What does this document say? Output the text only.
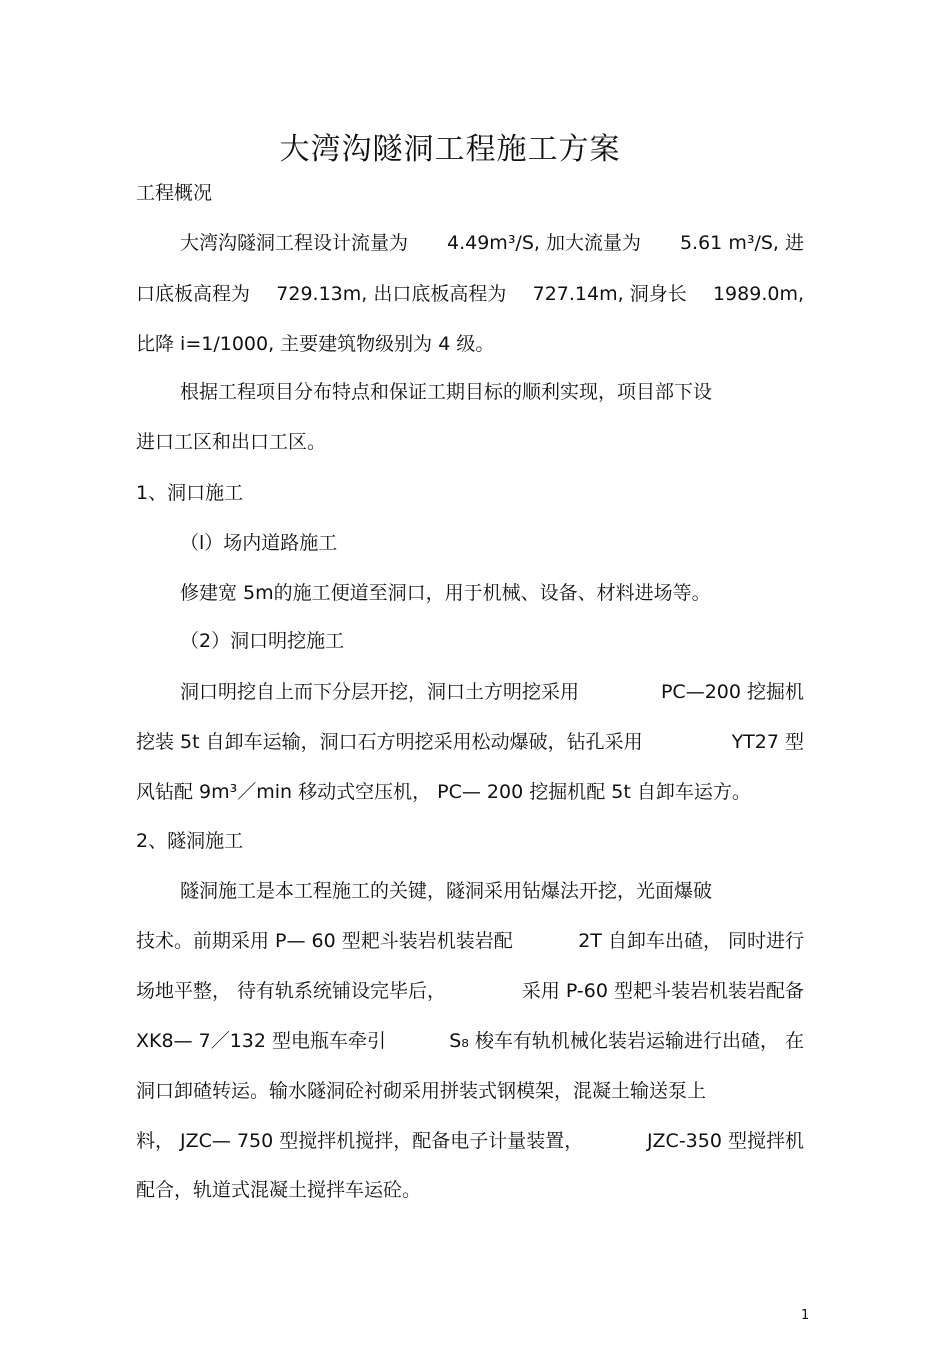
大湾沟隧洞工程施工方案
工程概况
大湾沟隧洞工程设计流量为 4.49m³/S, 加大流量为 5.61 m³/S, 进
口底板高程为 729.13m, 出口底板高程为 727.14m, 洞身长 1989.0m,
比降 i=1/1000, 主要建筑物级别为 4 级。
根据工程项目分布特点和保证工期目标的顺利实现，项目部下设
进口工区和出口工区。
1、洞口施工
（l）场内道路施工
修建宽 5m的施工便道至洞口，用于机械、设备、材料进场等。
（2）洞口明挖施工
洞口明挖自上而下分层开挖，洞口土方明挖采用	PC—200 挖掘机
挖装 5t 自卸车运输，洞口石方明挖采用松动爆破，钻孔采用	YT27 型
风钻配 9m³／min 移动式空压机， PC— 200 挖掘机配 5t 自卸车运方。
2、隧洞施工
隧洞施工是本工程施工的关键，隧洞采用钻爆法开挖，光面爆破
技术。前期采用 P— 60 型耙斗装岩机装岩配	2T 自卸车出碴， 同时进行
场地平整， 待有轨系统铺设完毕后，	采用 P-60 型耙斗装岩机装岩配备
XK8— 7／132 型电瓶车牵引	S₈ 梭车有轨机械化装岩运输进行出碴， 在
洞口卸碴转运。输水隧洞砼衬砌采用拼装式钢模架，混凝土输送泵上
料， JZC— 750 型搅拌机搅拌，配备电子计量装置，	JZC-350 型搅拌机
配合，轨道式混凝土搅拌车运砼。
1
